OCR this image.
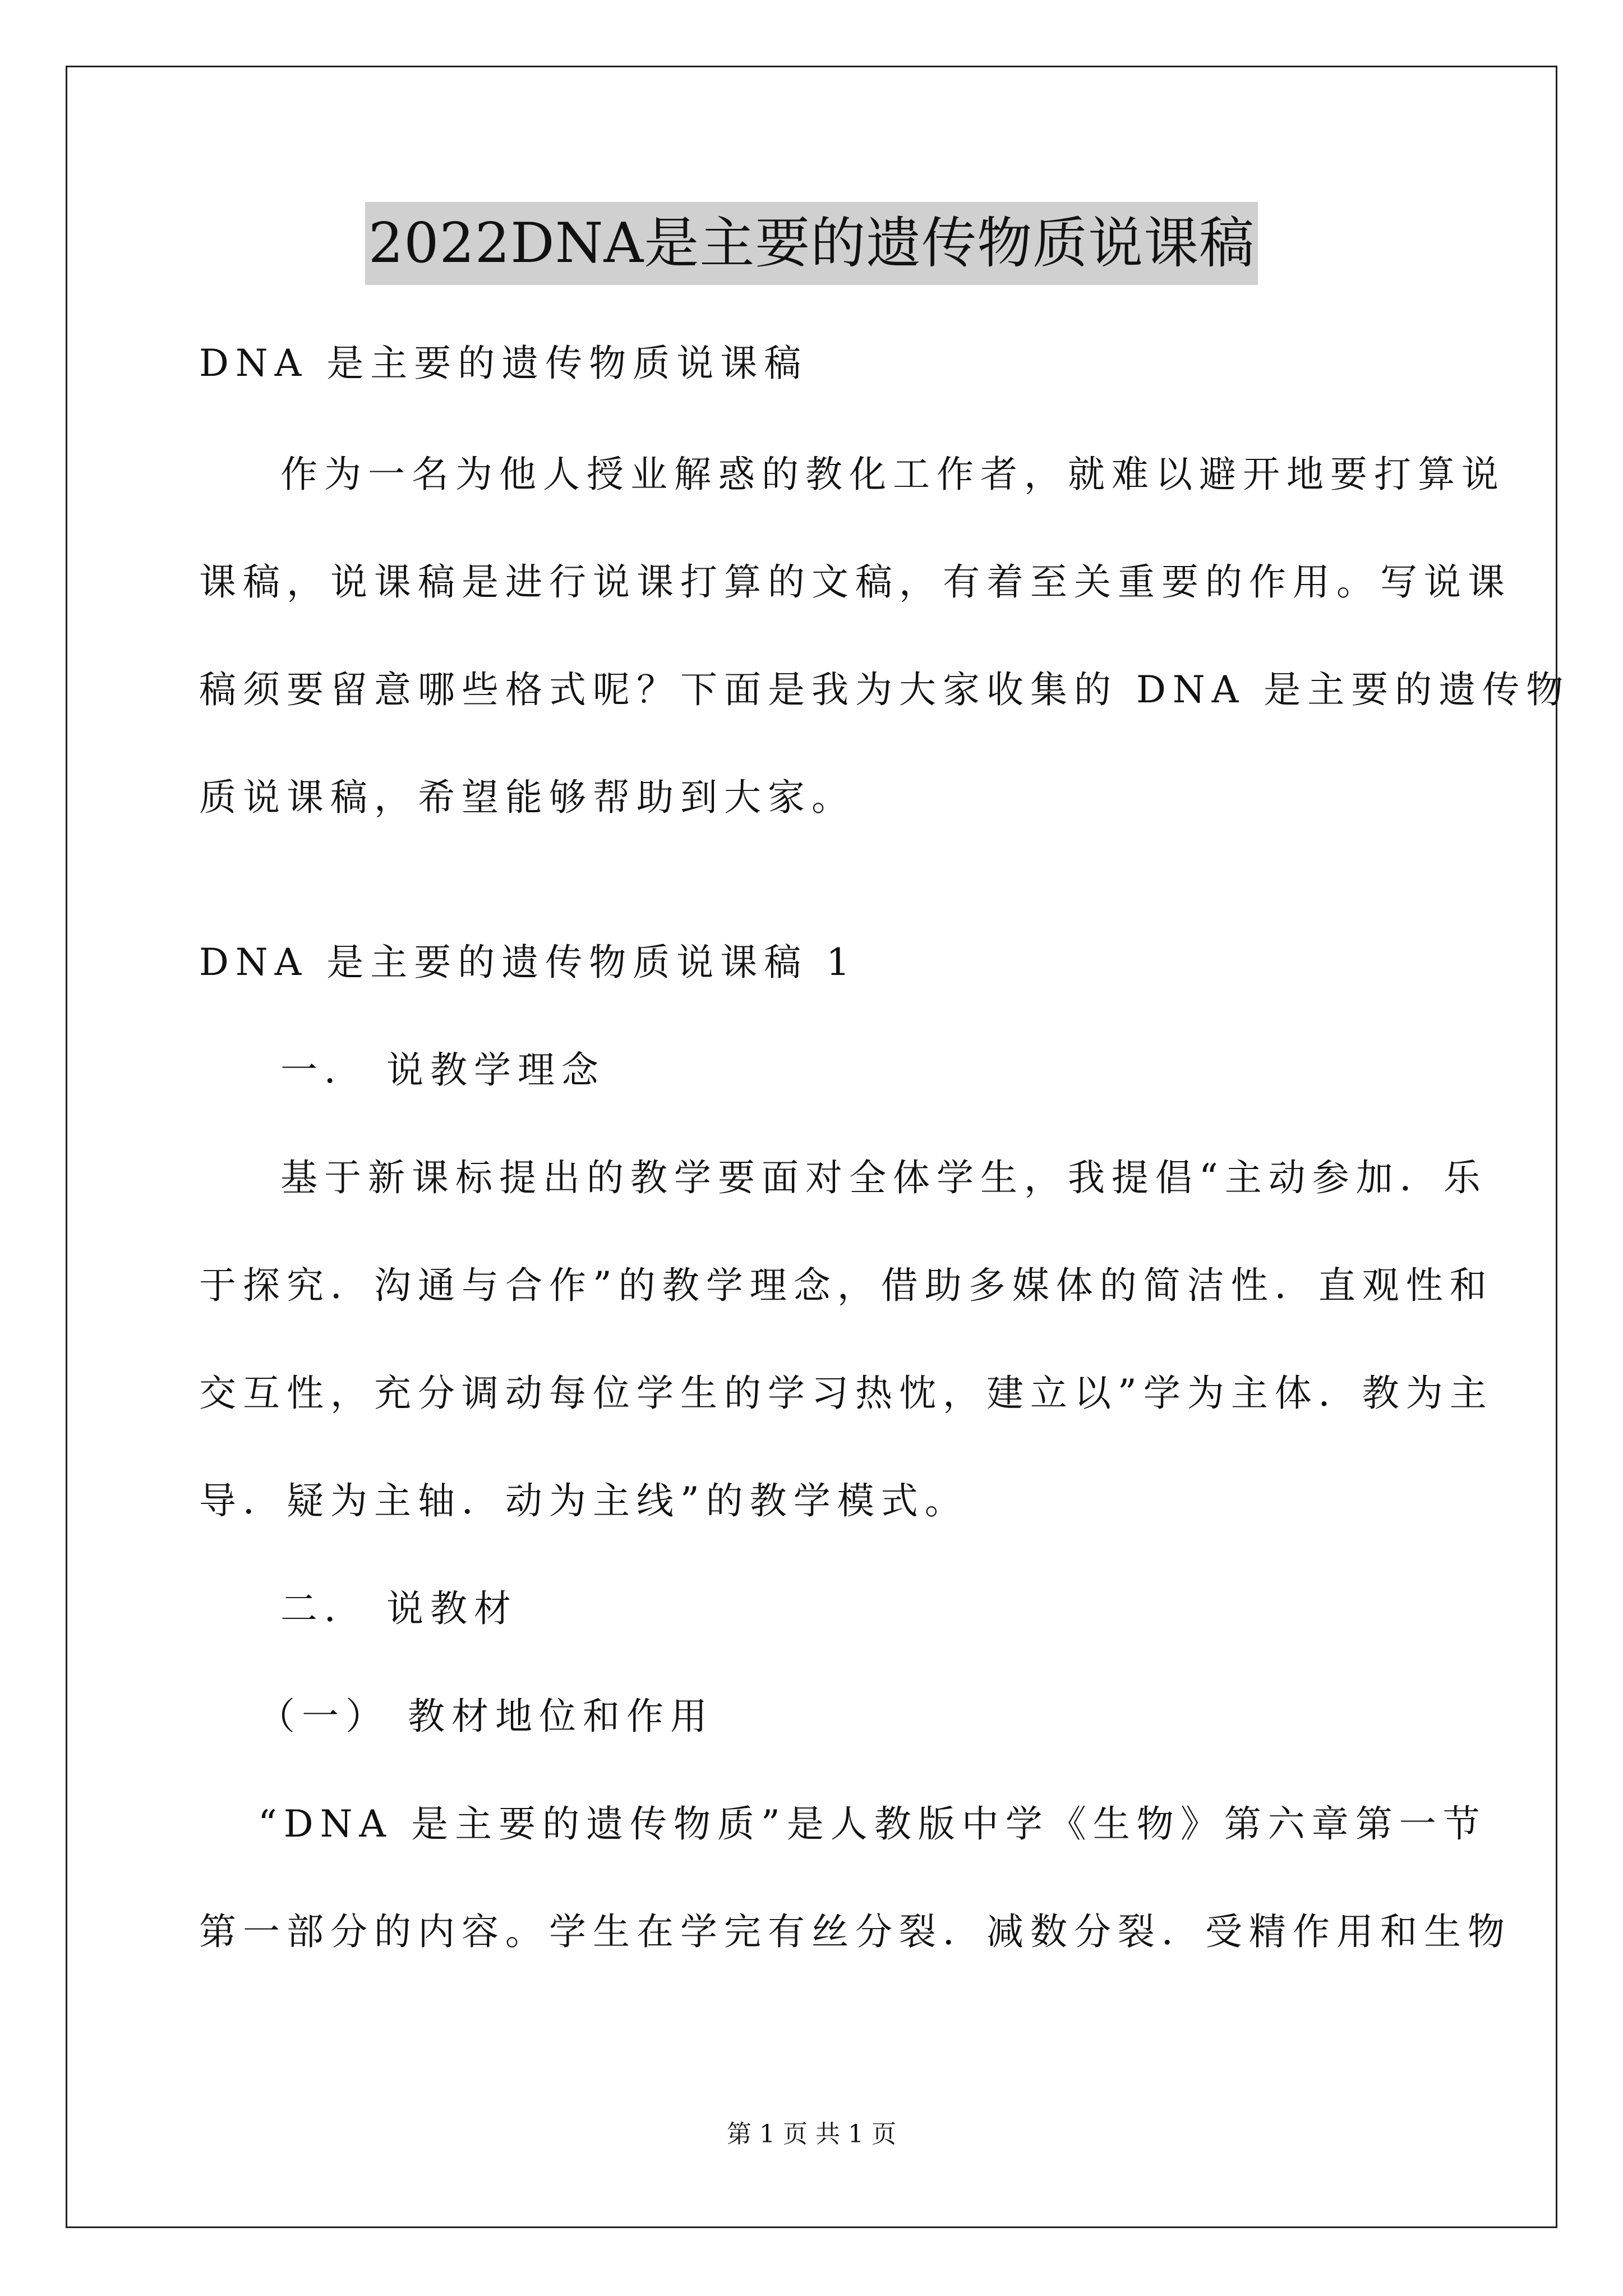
2022DNA是主要的遗传物质说课稿
DNA 是主要的遗传物质说课稿
作为一名为他人授业解惑的教化工作者，就难以避开地要打算说
课稿，说课稿是进行说课打算的文稿，有着至关重要的作用。写说课
稿须要留意哪些格式呢？下面是我为大家收集的 DNA 是主要的遗传物
质说课稿，希望能够帮助到大家。
DNA 是主要的遗传物质说课稿 1
一． 说教学理念
基于新课标提出的教学要面对全体学生，我提倡“主动参加．乐
于探究．沟通与合作”的教学理念，借助多媒体的简洁性．直观性和
交互性，充分调动每位学生的学习热忱，建立以”学为主体．教为主
导．疑为主轴．动为主线”的教学模式。
二． 说教材
（一） 教材地位和作用
“DNA 是主要的遗传物质”是人教版中学《生物》第六章第一节
第一部分的内容。学生在学完有丝分裂．减数分裂．受精作用和生物
第 1 页 共 1 页
